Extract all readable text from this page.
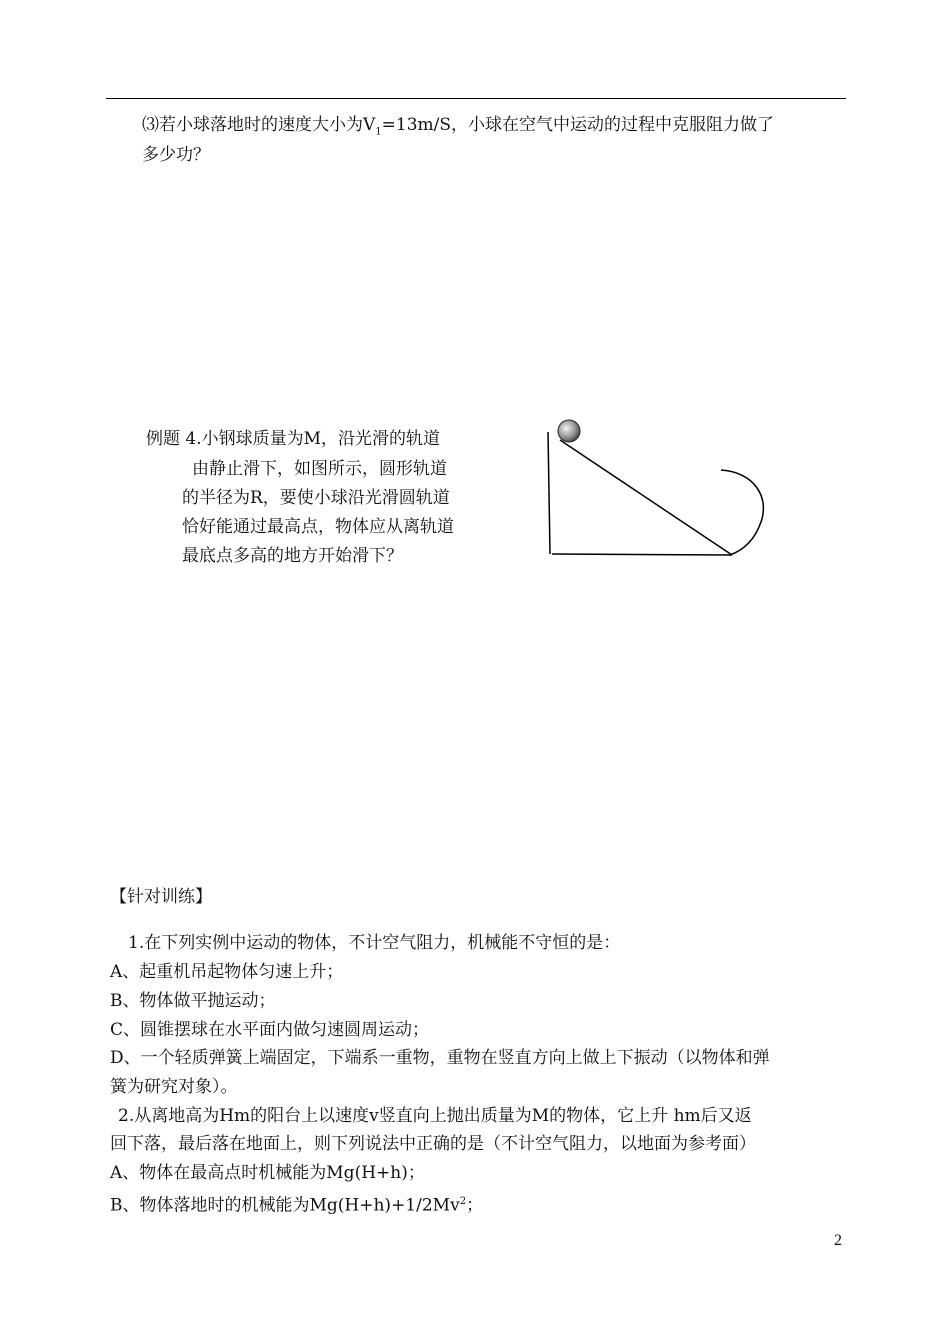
⑶若小球落地时的速度大小为$V_1=13m/S$，小球在空气中运动的过程中克服阻力做了
多少功？
例题 4.小钢球质量为M，沿光滑的轨道
由静止滑下，如图所示，圆形轨道
的半径为R，要使小球沿光滑圆轨道
恰好能通过最高点，物体应从离轨道
最底点多高的地方开始滑下？
【针对训练】
1.在下列实例中运动的物体，不计空气阻力，机械能不守恒的是：
A、起重机吊起物体匀速上升；
B、物体做平抛运动；
C、圆锥摆球在水平面内做匀速圆周运动；
D、一个轻质弹簧上端固定，下端系一重物，重物在竖直方向上做上下振动（以物体和弹
簧为研究对象）。
2.从离地高为Hm的阳台上以速度v竖直向上抛出质量为M的物体，它上升 hm后又返
回下落，最后落在地面上，则下列说法中正确的是（不计空气阻力，以地面为参考面）
A、物体在最高点时机械能为Mg(H+h)；
B、物体落地时的机械能为$Mg(H+h)+1/2Mv^2$；
2
